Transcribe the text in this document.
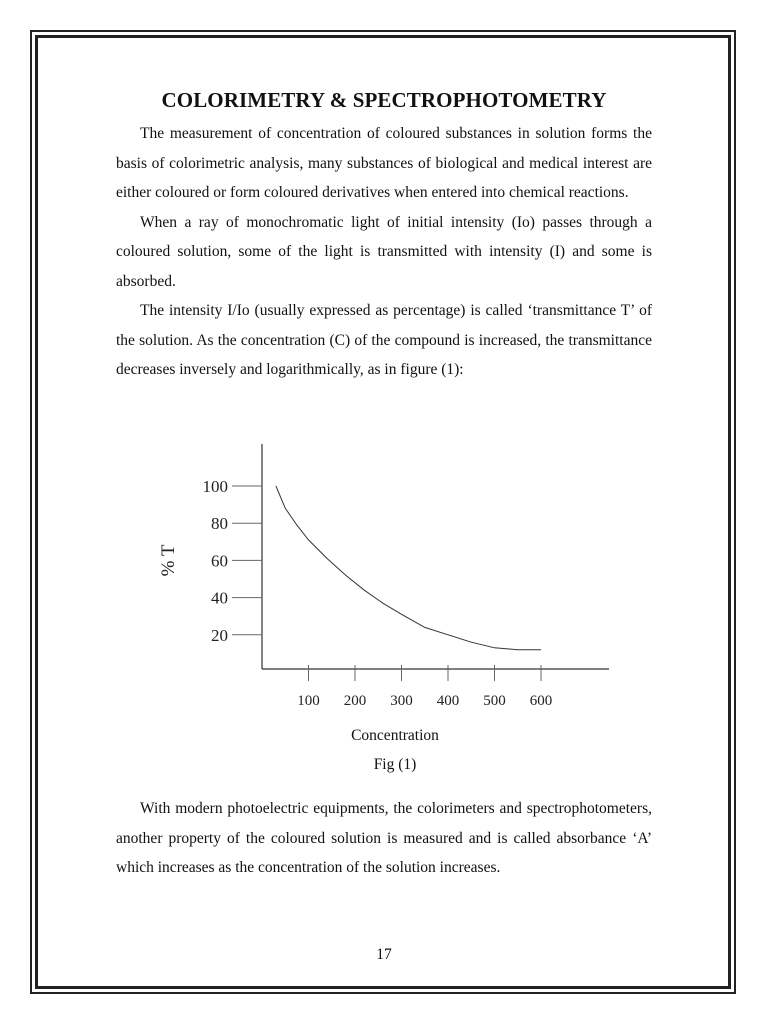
COLORIMETRY & SPECTROPHOTOMETRY

The measurement of concentration of coloured substances in solution forms the basis of colorimetric analysis, many substances of biological and medical interest are either coloured or form coloured derivatives when entered into chemical reactions.

When a ray of monochromatic light of initial intensity (Io) passes through a coloured solution, some of the light is transmitted with intensity (I) and some is absorbed.

The intensity I/Io (usually expressed as percentage) is called ‘transmittance T’ of the solution. As the concentration (C) of the compound is increased, the transmittance decreases inversely and logarithmically, as in figure (1):

20
40
60
80
100
100 200 300 400 500 600
% T
Concentration
Fig (1)

With modern photoelectric equipments, the colorimeters and spectrophotometers, another property of the coloured solution is measured and is called absorbance ‘A’ which increases as the concentration of the solution increases.

17
